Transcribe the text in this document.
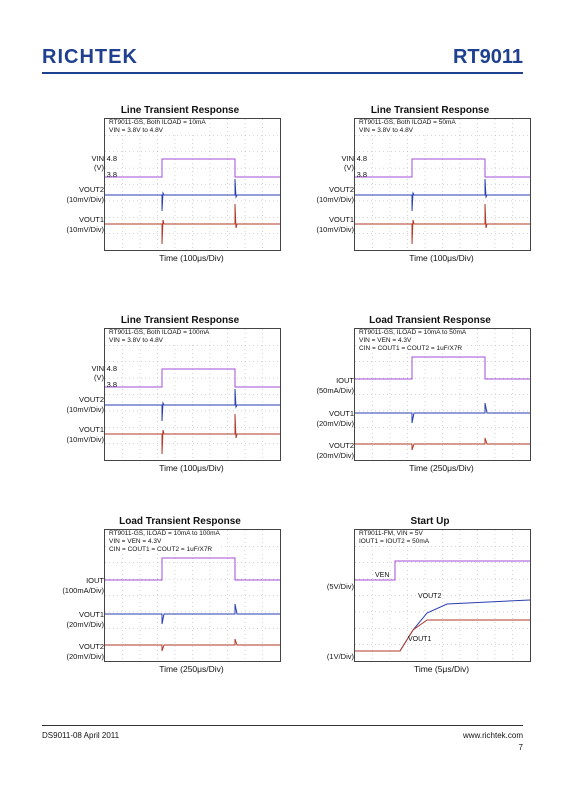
RICHTEK	RT9011
Line Transient Response
RT9011-GS, Both ILOAD = 10mA
VIN = 3.8V to 4.8V
VIN
(V)
4.8
3.8
VOUT2
(10mV/Div)
VOUT1
(10mV/Div)
Time (100μs/Div)
Line Transient Response
RT9011-GS, Both ILOAD = 50mA
VIN = 3.8V to 4.8V
VIN
(V)
4.8
3.8
VOUT2
(10mV/Div)
VOUT1
(10mV/Div)
Time (100μs/Div)
Line Transient Response
RT9011-GS, Both ILOAD = 100mA
VIN = 3.8V to 4.8V
VIN
(V)
4.8
3.8
VOUT2
(10mV/Div)
VOUT1
(10mV/Div)
Time (100μs/Div)
Load Transient Response
RT9011-GS, ILOAD = 10mA to 50mA
VIN = VEN = 4.3V
CIN = COUT1 = COUT2 = 1uF/X7R
IOUT
(50mA/Div)
VOUT1
(20mV/Div)
VOUT2
(20mV/Div)
Time (250μs/Div)
Load Transient Response
RT9011-GS, ILOAD = 10mA to 100mA
VIN = VEN = 4.3V
CIN = COUT1 = COUT2 = 1uF/X7R
IOUT
(100mA/Div)
VOUT1
(20mV/Div)
VOUT2
(20mV/Div)
Time (250μs/Div)
Start Up
RT9011-FM, VIN = 5V
IOUT1 = IOUT2 = 50mA
(5V/Div)
(1V/Div)
VEN
VOUT2
VOUT1
Time (5μs/Div)
DS9011-08 April 2011	www.richtek.com
7
